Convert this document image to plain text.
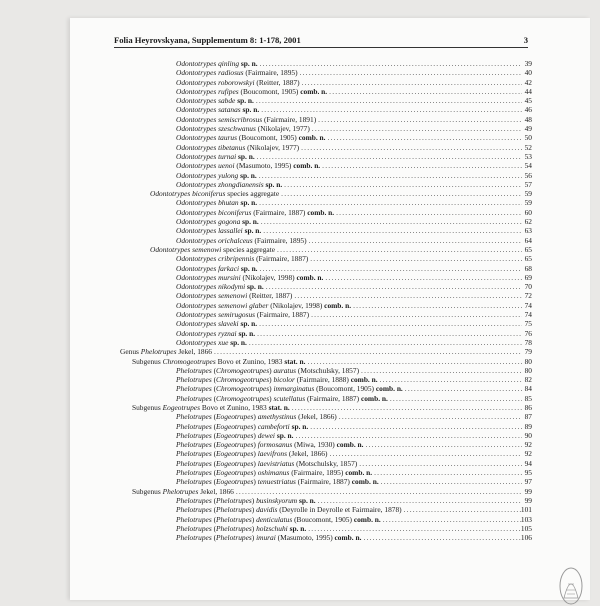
Folia Heyrovskyana, Supplementum 8: 1-178, 2001	3
Odontotrypes qinling sp. n. .....	39
Odontotrypes radiosus (Fairmaire, 1895) .....	40
Odontotrypes roborowskyi (Reitter, 1887) .....	42
Odontotrypes rufipes (Boucomont, 1905) comb. n. .....	44
Odontotrypes sabde sp. n. .....	45
Odontotrypes satanas sp. n. .....	46
Odontotrypes semiscribrosus (Fairmaire, 1891) .....	48
Odontotrypes szeschwanus (Nikolajev, 1977) .....	49
Odontotrypes taurus (Boucomont, 1905) comb. n. .....	50
Odontotrypes tibetanus (Nikolajev, 1977) .....	52
Odontotrypes turnai sp. n. .....	53
Odontotrypes uenoi (Masumoto, 1995) comb. n. .....	54
Odontotrypes yulong sp. n. .....	56
Odontotrypes zhongdianensis sp. n. .....	57
Odontotrypes biconiferus species aggregate .....	59
Odontotrypes bhutan sp. n. .....	59
Odontotrypes biconiferus (Fairmaire, 1887) comb. n. .....	60
Odontotrypes gogona sp. n. .....	62
Odontotrypes lassallei sp. n. .....	63
Odontotrypes orichalceus (Fairmaire, 1895) .....	64
Odontotrypes semenowi species aggregate .....	65
Odontotrypes cribripennis (Fairmaire, 1887) .....	65
Odontotrypes farkaci sp. n. .....	68
Odontotrypes mursini (Nikolajev, 1998) comb. n. .....	69
Odontotrypes nikodymi sp. n. .....	70
Odontotrypes semenowi (Reitter, 1887) .....	72
Odontotrypes semenowi glaber (Nikolajev, 1998) comb. n. .....	74
Odontotrypes semirugosus (Fairmaire, 1887) .....	74
Odontotrypes slaveki sp. n. .....	75
Odontotrypes ryznai sp. n. .....	76
Odontotrypes xue sp. n. .....	78
Genus Phelotrupes Jekel, 1866 .....	79
Subgenus Chromogeotrupes Bovo et Zunino, 1983 stat. n. .....	80
Phelotrupes (Chromogeotrupes) auratus (Motschulsky, 1857) .....	80
Phelotrupes (Chromogeotrupes) bicolor (Fairmaire, 1888) comb. n. .....	82
Phelotrupes (Chromogeotrupes) immarginatus (Boucomont, 1905) comb. n. .....	84
Phelotrupes (Chromogeotrupes) scutellatus (Fairmaire, 1887) comb. n. .....	85
Subgenus Eogeotrupes Bovo et Zunino, 1983 stat. n. .....	86
Phelotrupes (Eogeotrupes) amethystinus (Jekel, 1866) .....	87
Phelotrupes (Eogeotrupes) cambeforti sp. n. .....	89
Phelotrupes (Eogeotrupes) dewei sp. n. .....	90
Phelotrupes (Eogeotrupes) formosanus (Miwa, 1930) comb. n. .....	92
Phelotrupes (Eogeotrupes) laevifrons (Jekel, 1866) .....	92
Phelotrupes (Eogeotrupes) laevistriatus (Motschulsky, 1857) .....	94
Phelotrupes (Eogeotrupes) oshimanus (Fairmaire, 1895) comb. n. .....	95
Phelotrupes (Eogeotrupes) tenuestriatus (Fairmaire, 1887) comb. n. .....	97
Subgenus Phelotrupes Jekel, 1866 .....	99
Phelotrupes (Phelotrupes) businskyorum sp. n. .....	99
Phelotrupes (Phelotrupes) davidis (Deyrolle in Deyrolle et Fairmaire, 1878) .....	101
Phelotrupes (Phelotrupes) denticulatus (Boucomont, 1905) comb. n. .....	103
Phelotrupes (Phelotrupes) holzschuhi sp. n. .....	105
Phelotrupes (Phelotrupes) imurai (Masumoto, 1995) comb. n. .....	106
